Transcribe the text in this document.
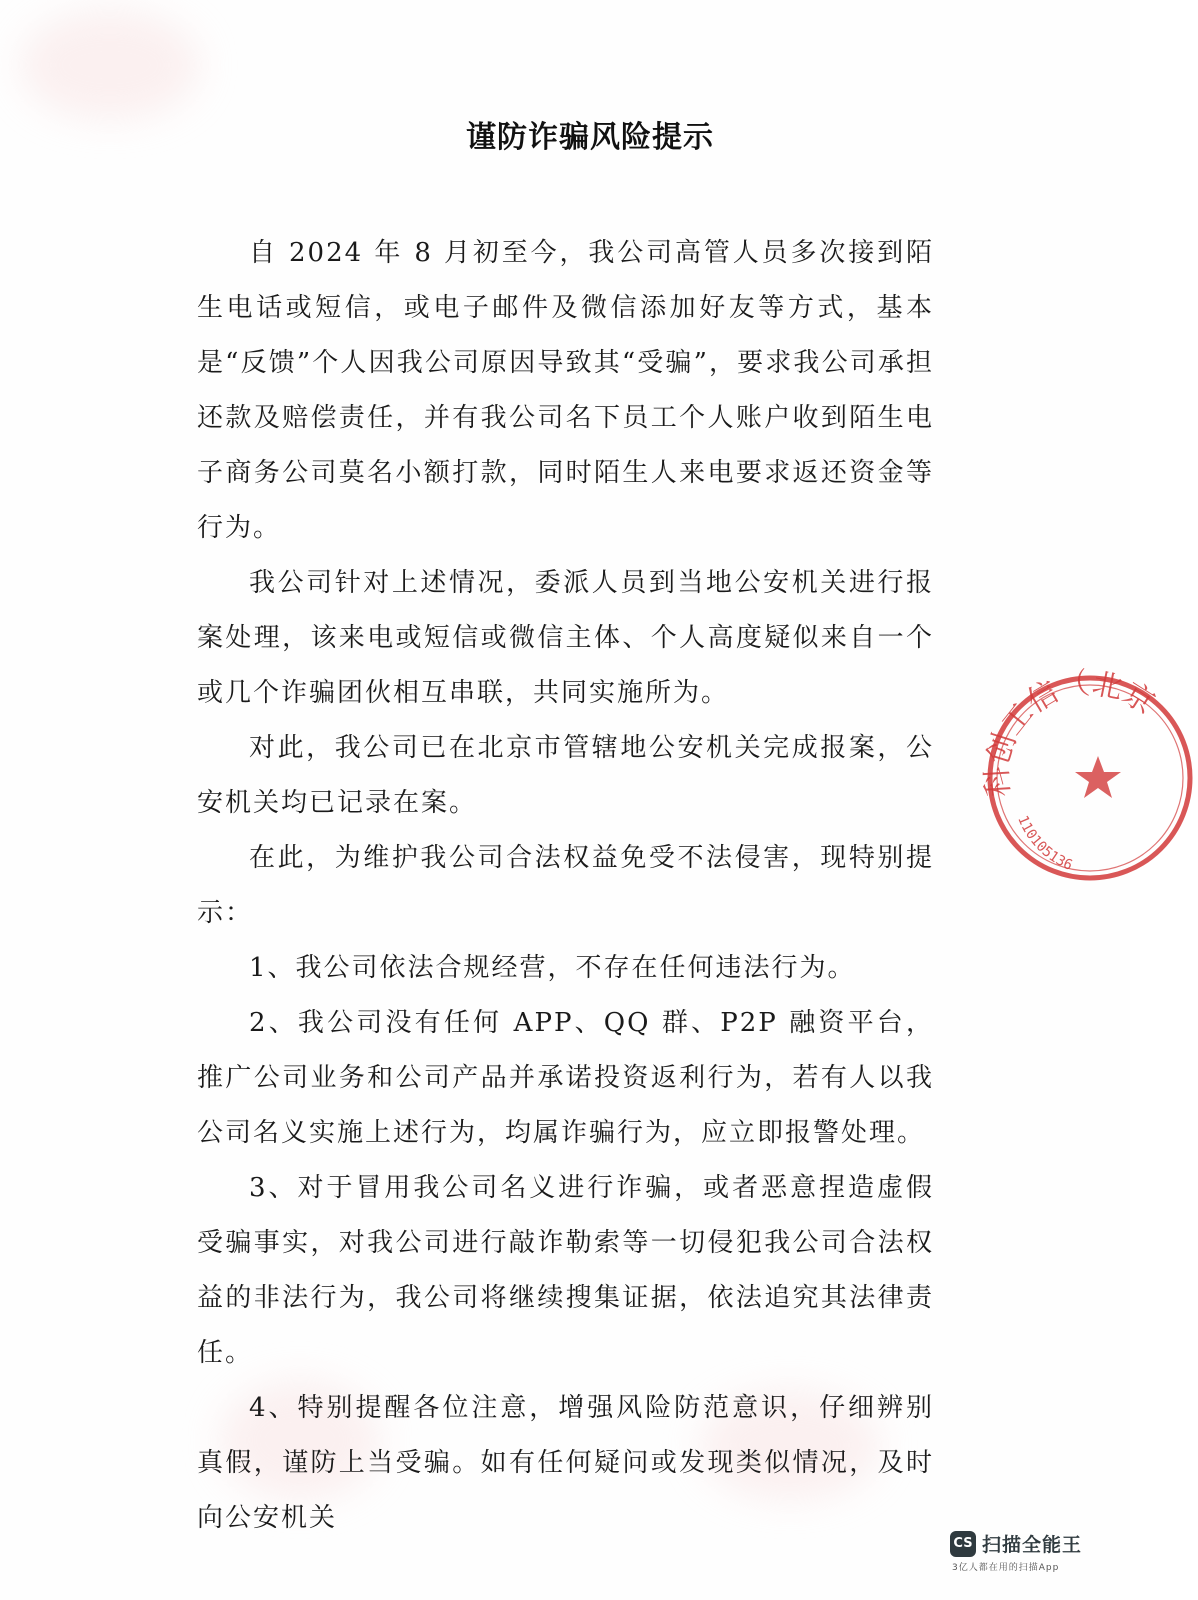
谨防诈骗风险提示

自 2024 年 8 月初至今，我公司高管人员多次接到陌生电话或短信，或电子邮件及微信添加好友等方式，基本是“反馈”个人因我公司原因导致其“受骗”，要求我公司承担还款及赔偿责任，并有我公司名下员工个人账户收到陌生电子商务公司莫名小额打款，同时陌生人来电要求返还资金等行为。

我公司针对上述情况，委派人员到当地公安机关进行报案处理，该来电或短信或微信主体、个人高度疑似来自一个或几个诈骗团伙相互串联，共同实施所为。

对此，我公司已在北京市管辖地公安机关完成报案，公安机关均已记录在案。

在此，为维护我公司合法权益免受不法侵害，现特别提示：

1、我公司依法合规经营，不存在任何违法行为。

2、我公司没有任何 APP、QQ 群、P2P 融资平台，推广公司业务和公司产品并承诺投资返利行为，若有人以我公司名义实施上述行为，均属诈骗行为，应立即报警处理。

3、对于冒用我公司名义进行诈骗，或者恶意捏造虚假受骗事实，对我公司进行敲诈勒索等一切侵犯我公司合法权益的非法行为，我公司将继续搜集证据，依法追究其法律责任。

4、特别提醒各位注意，增强风险防范意识，仔细辨别真假，谨防上当受骗。如有任何疑问或发现类似情况，及时向公安机关

科创工信（北京
110105136
CS 扫描全能王
3亿人都在用的扫描App
